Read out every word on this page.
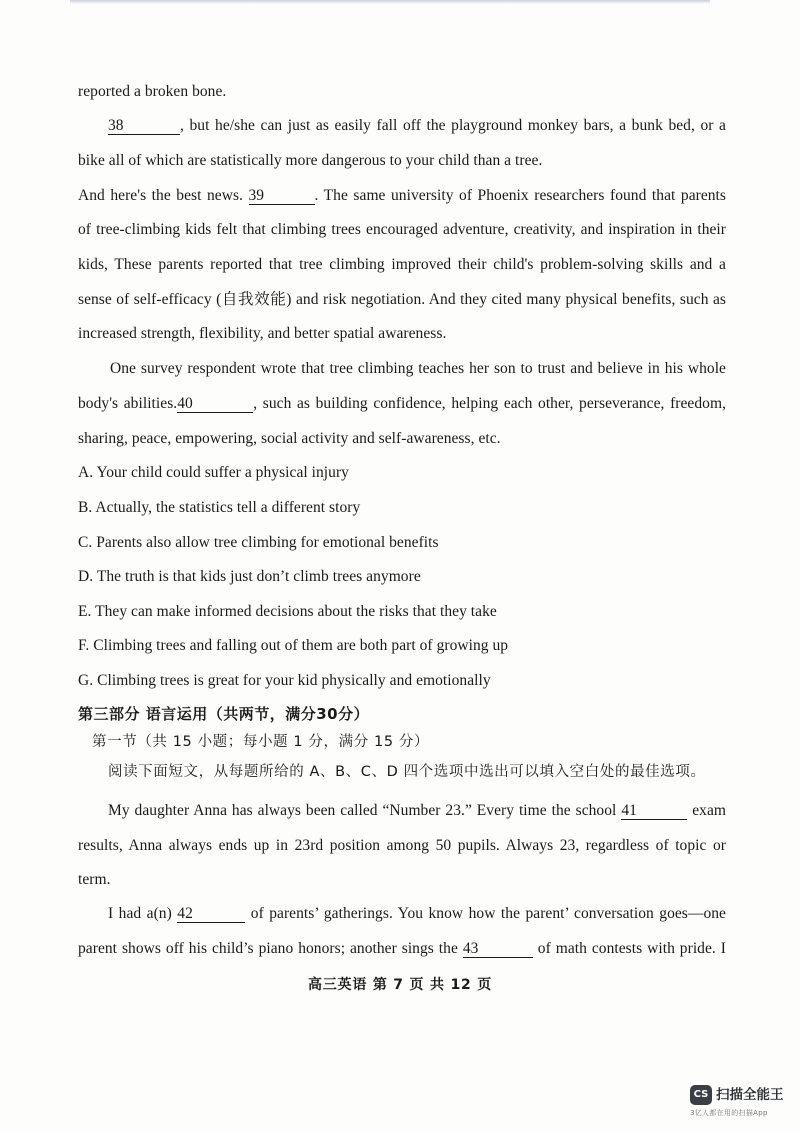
reported a broken bone.
38	, but he/she can just as easily fall off the playground monkey bars, a bunk bed, or a
bike all of which are statistically more dangerous to your child than a tree.
And here's the best news. 39	. The same university of Phoenix researchers found that parents
of tree-climbing kids felt that climbing trees encouraged adventure, creativity, and inspiration in their
kids, These parents reported that tree climbing improved their child's problem-solving skills and a
sense of self-efficacy (自我效能) and risk negotiation. And they cited many physical benefits, such as
increased strength, flexibility, and better spatial awareness.
One survey respondent wrote that tree climbing teaches her son to trust and believe in his whole
body's abilities.40	, such as building confidence, helping each other, perseverance, freedom,
sharing, peace, empowering, social activity and self-awareness, etc.
A. Your child could suffer a physical injury
B. Actually, the statistics tell a different story
C. Parents also allow tree climbing for emotional benefits
D. The truth is that kids just don’t climb trees anymore
E. They can make informed decisions about the risks that they take
F. Climbing trees and falling out of them are both part of growing up
G. Climbing trees is great for your kid physically and emotionally
第三部分 语言运用（共两节，满分30分）
第一节（共 15 小题；每小题 1 分，满分 15 分）
阅读下面短文，从每题所给的 A、B、C、D 四个选项中选出可以填入空白处的最佳选项。
My daughter Anna has always been called “Number 23.” Every time the school 41	exam
results, Anna always ends up in 23rd position among 50 pupils. Always 23, regardless of topic or
term.
I had a(n) 42	of parents’ gatherings. You know how the parent’ conversation goes—one
parent shows off his child’s piano honors; another sings the 43	of math contests with pride. I
高三英语 第 7 页 共 12 页
CS 扫描全能王
3亿人都在用的扫描App
